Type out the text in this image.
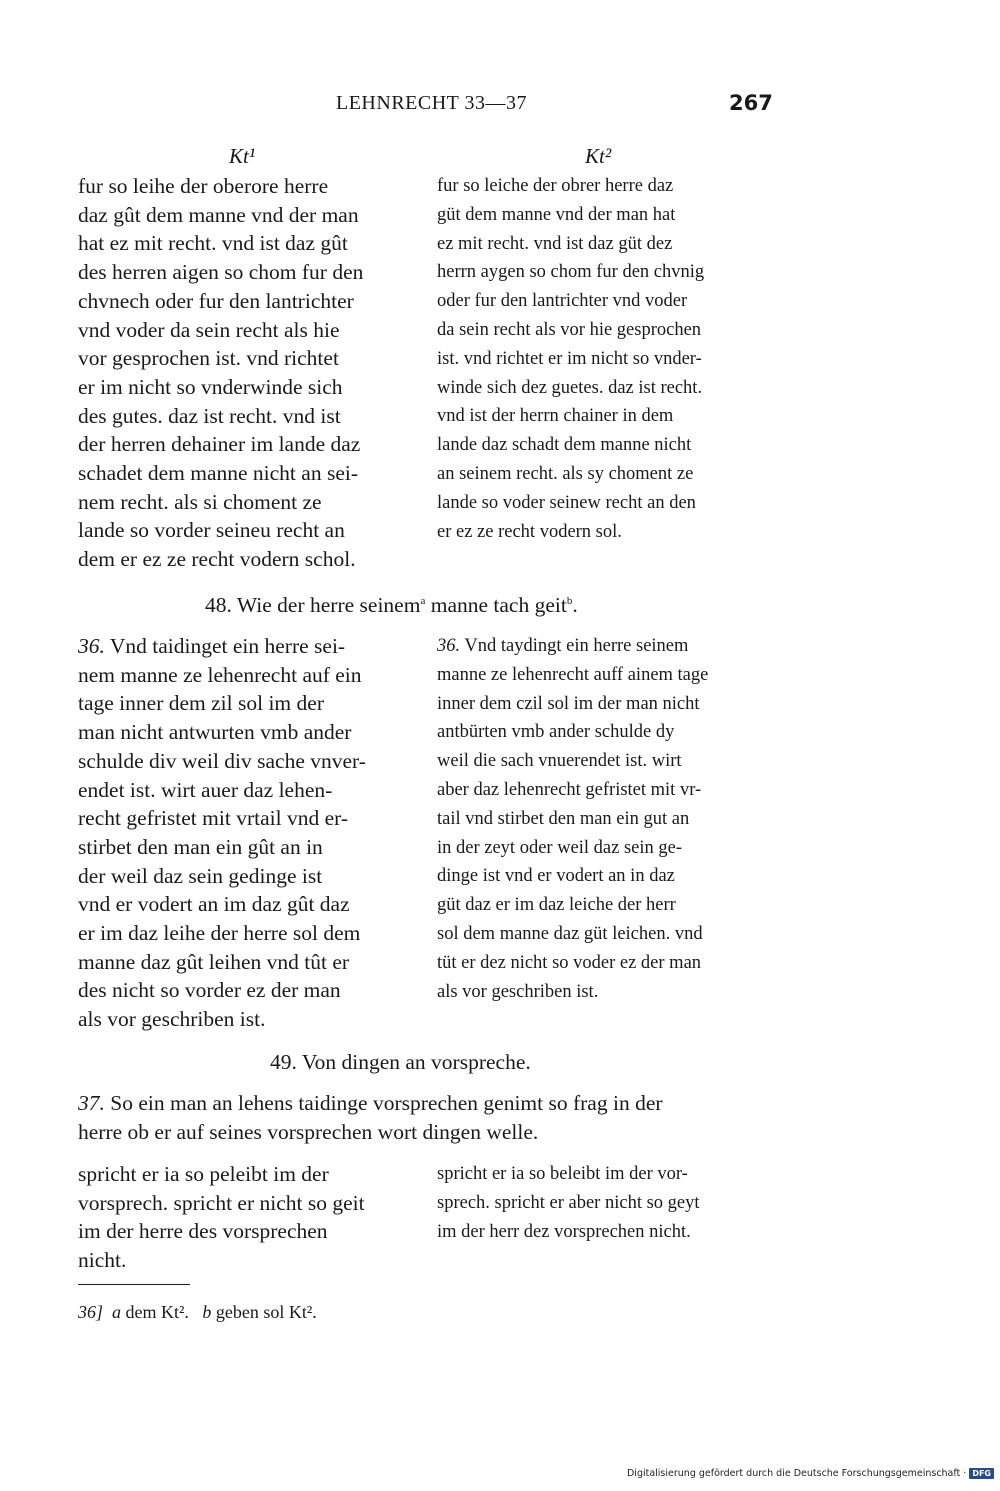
LEHNRECHT 33—37	267
Kt¹	Kt²
fur so leihe der oberore herre
daz gût dem manne vnd der man
hat ez mit recht. vnd ist daz gût
des herren aigen so chom fur den
chvnech oder fur den lantrichter
vnd voder da sein recht als hie
vor gesprochen ist. vnd richtet
er im nicht so vnderwinde sich
des gutes. daz ist recht. vnd ist
der herren dehainer im lande daz
schadet dem manne nicht an sei-
nem recht. als si choment ze
lande so vorder seineu recht an
dem er ez ze recht vodern schol.
fur so leiche der obrer herre daz
güt dem manne vnd der man hat
ez mit recht. vnd ist daz güt dez
herrn aygen so chom fur den chvnig
oder fur den lantrichter vnd voder
da sein recht als vor hie gesprochen
ist. vnd richtet er im nicht so vnder-
winde sich dez guetes. daz ist recht.
vnd ist der herrn chainer in dem
lande daz schadt dem manne nicht
an seinem recht. als sy choment ze
lande so voder seinew recht an den
er ez ze recht vodern sol.
48. Wie der herre seinem$^a$ manne tach geit$^b$.
36. Vnd taidinget ein herre sei-
nem manne ze lehenrecht auf ein
tage inner dem zil sol im der
man nicht antwurten vmb ander
schulde div weil div sache vnver-
endet ist. wirt auer daz lehen-
recht gefristet mit vrtail vnd er-
stirbet den man ein gût an in
der weil daz sein gedinge ist
vnd er vodert an im daz gût daz
er im daz leihe der herre sol dem
manne daz gût leihen vnd tût er
des nicht so vorder ez der man
als vor geschriben ist.
36. Vnd taydingt ein herre seinem
manne ze lehenrecht auff ainem tage
inner dem czil sol im der man nicht
antbürten vmb ander schulde dy
weil die sach vnuerendet ist. wirt
aber daz lehenrecht gefristet mit vr-
tail vnd stirbet den man ein gut an
in der zeyt oder weil daz sein ge-
dinge ist vnd er vodert an in daz
güt daz er im daz leiche der herr
sol dem manne daz güt leichen. vnd
tüt er dez nicht so voder ez der man
als vor geschriben ist.
49. Von dingen an vorspreche.
37. So ein man an lehens taidinge vorsprechen genimt so frag in der
herre ob er auf seines vorsprechen wort dingen welle.
spricht er ia so peleibt im der
vorsprech. spricht er nicht so geit
im der herre des vorsprechen
nicht.
spricht er ia so beleibt im der vor-
sprech. spricht er aber nicht so geyt
im der herr dez vorsprechen nicht.
36] a dem Kt². b geben sol Kt².
Digitalisierung gefördert durch die Deutsche Forschungsgemeinschaft · DFG
